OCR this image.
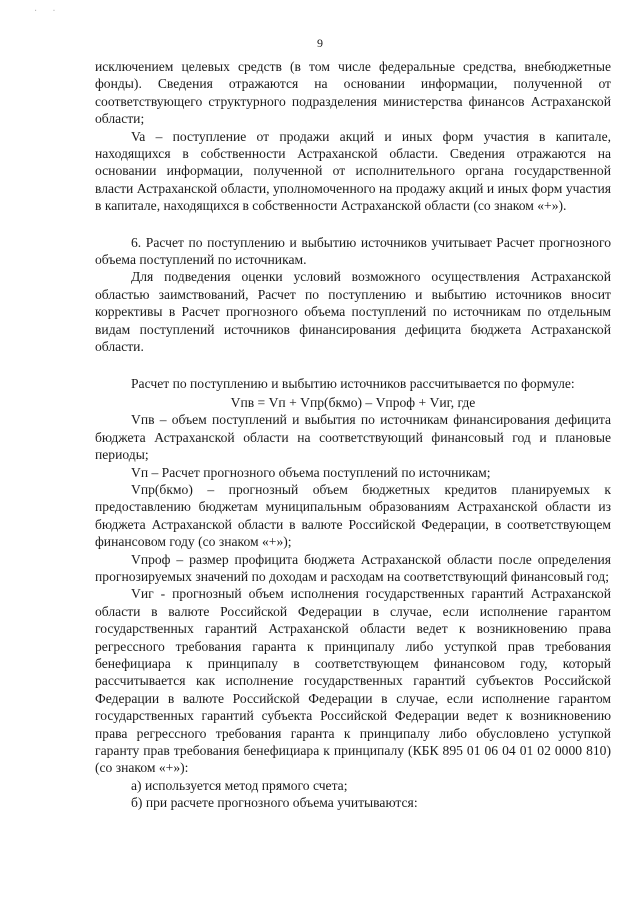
· ·
9

исключением целевых средств (в том числе федеральные средства, внебюджетные фонды). Сведения отражаются на основании информации, полученной от соответствующего структурного подразделения министерства финансов Астраханской области;

Va – поступление от продажи акций и иных форм участия в капитале, находящихся в собственности Астраханской области. Сведения отражаются на основании информации, полученной от исполнительного органа государственной власти Астраханской области, уполномоченного на продажу акций и иных форм участия в капитале, находящихся в собственности Астраханской области (со знаком «+»).

6. Расчет по поступлению и выбытию источников учитывает Расчет прогнозного объема поступлений по источникам.

Для подведения оценки условий возможного осуществления Астраханской областью заимствований, Расчет по поступлению и выбытию источников вносит коррективы в Расчет прогнозного объема поступлений по источникам по отдельным видам поступлений источников финансирования дефицита бюджета Астраханской области.

Расчет по поступлению и выбытию источников рассчитывается по формуле:

Vпв = Vп + Vпр(бкмо) – Vпроф + Vиг, где

Vпв – объем поступлений и выбытия по источникам финансирования дефицита бюджета Астраханской области на соответствующий финансовый год и плановые периоды;

Vп – Расчет прогнозного объема поступлений по источникам;

Vпр(бкмо) – прогнозный объем бюджетных кредитов планируемых к предоставлению бюджетам муниципальным образованиям Астраханской области из бюджета Астраханской области в валюте Российской Федерации, в соответствующем финансовом году (со знаком «+»);

Vпроф – размер профицита бюджета Астраханской области после определения прогнозируемых значений по доходам и расходам на соответствующий финансовый год;

Vиг - прогнозный объем исполнения государственных гарантий Астраханской области в валюте Российской Федерации в случае, если исполнение гарантом государственных гарантий Астраханской области ведет к возникновению права регрессного требования гаранта к принципалу либо уступкой прав требования бенефициара к принципалу в соответствующем финансовом году, который рассчитывается как исполнение государственных гарантий субъектов Российской Федерации в валюте Российской Федерации в случае, если исполнение гарантом государственных гарантий субъекта Российской Федерации ведет к возникновению права регрессного требования гаранта к принципалу либо обусловлено уступкой гаранту прав требования бенефициара к принципалу (КБК 895 01 06 04 01 02 0000 810) (со знаком «+»):

а) используется метод прямого счета;

б) при расчете прогнозного объема учитываются:
